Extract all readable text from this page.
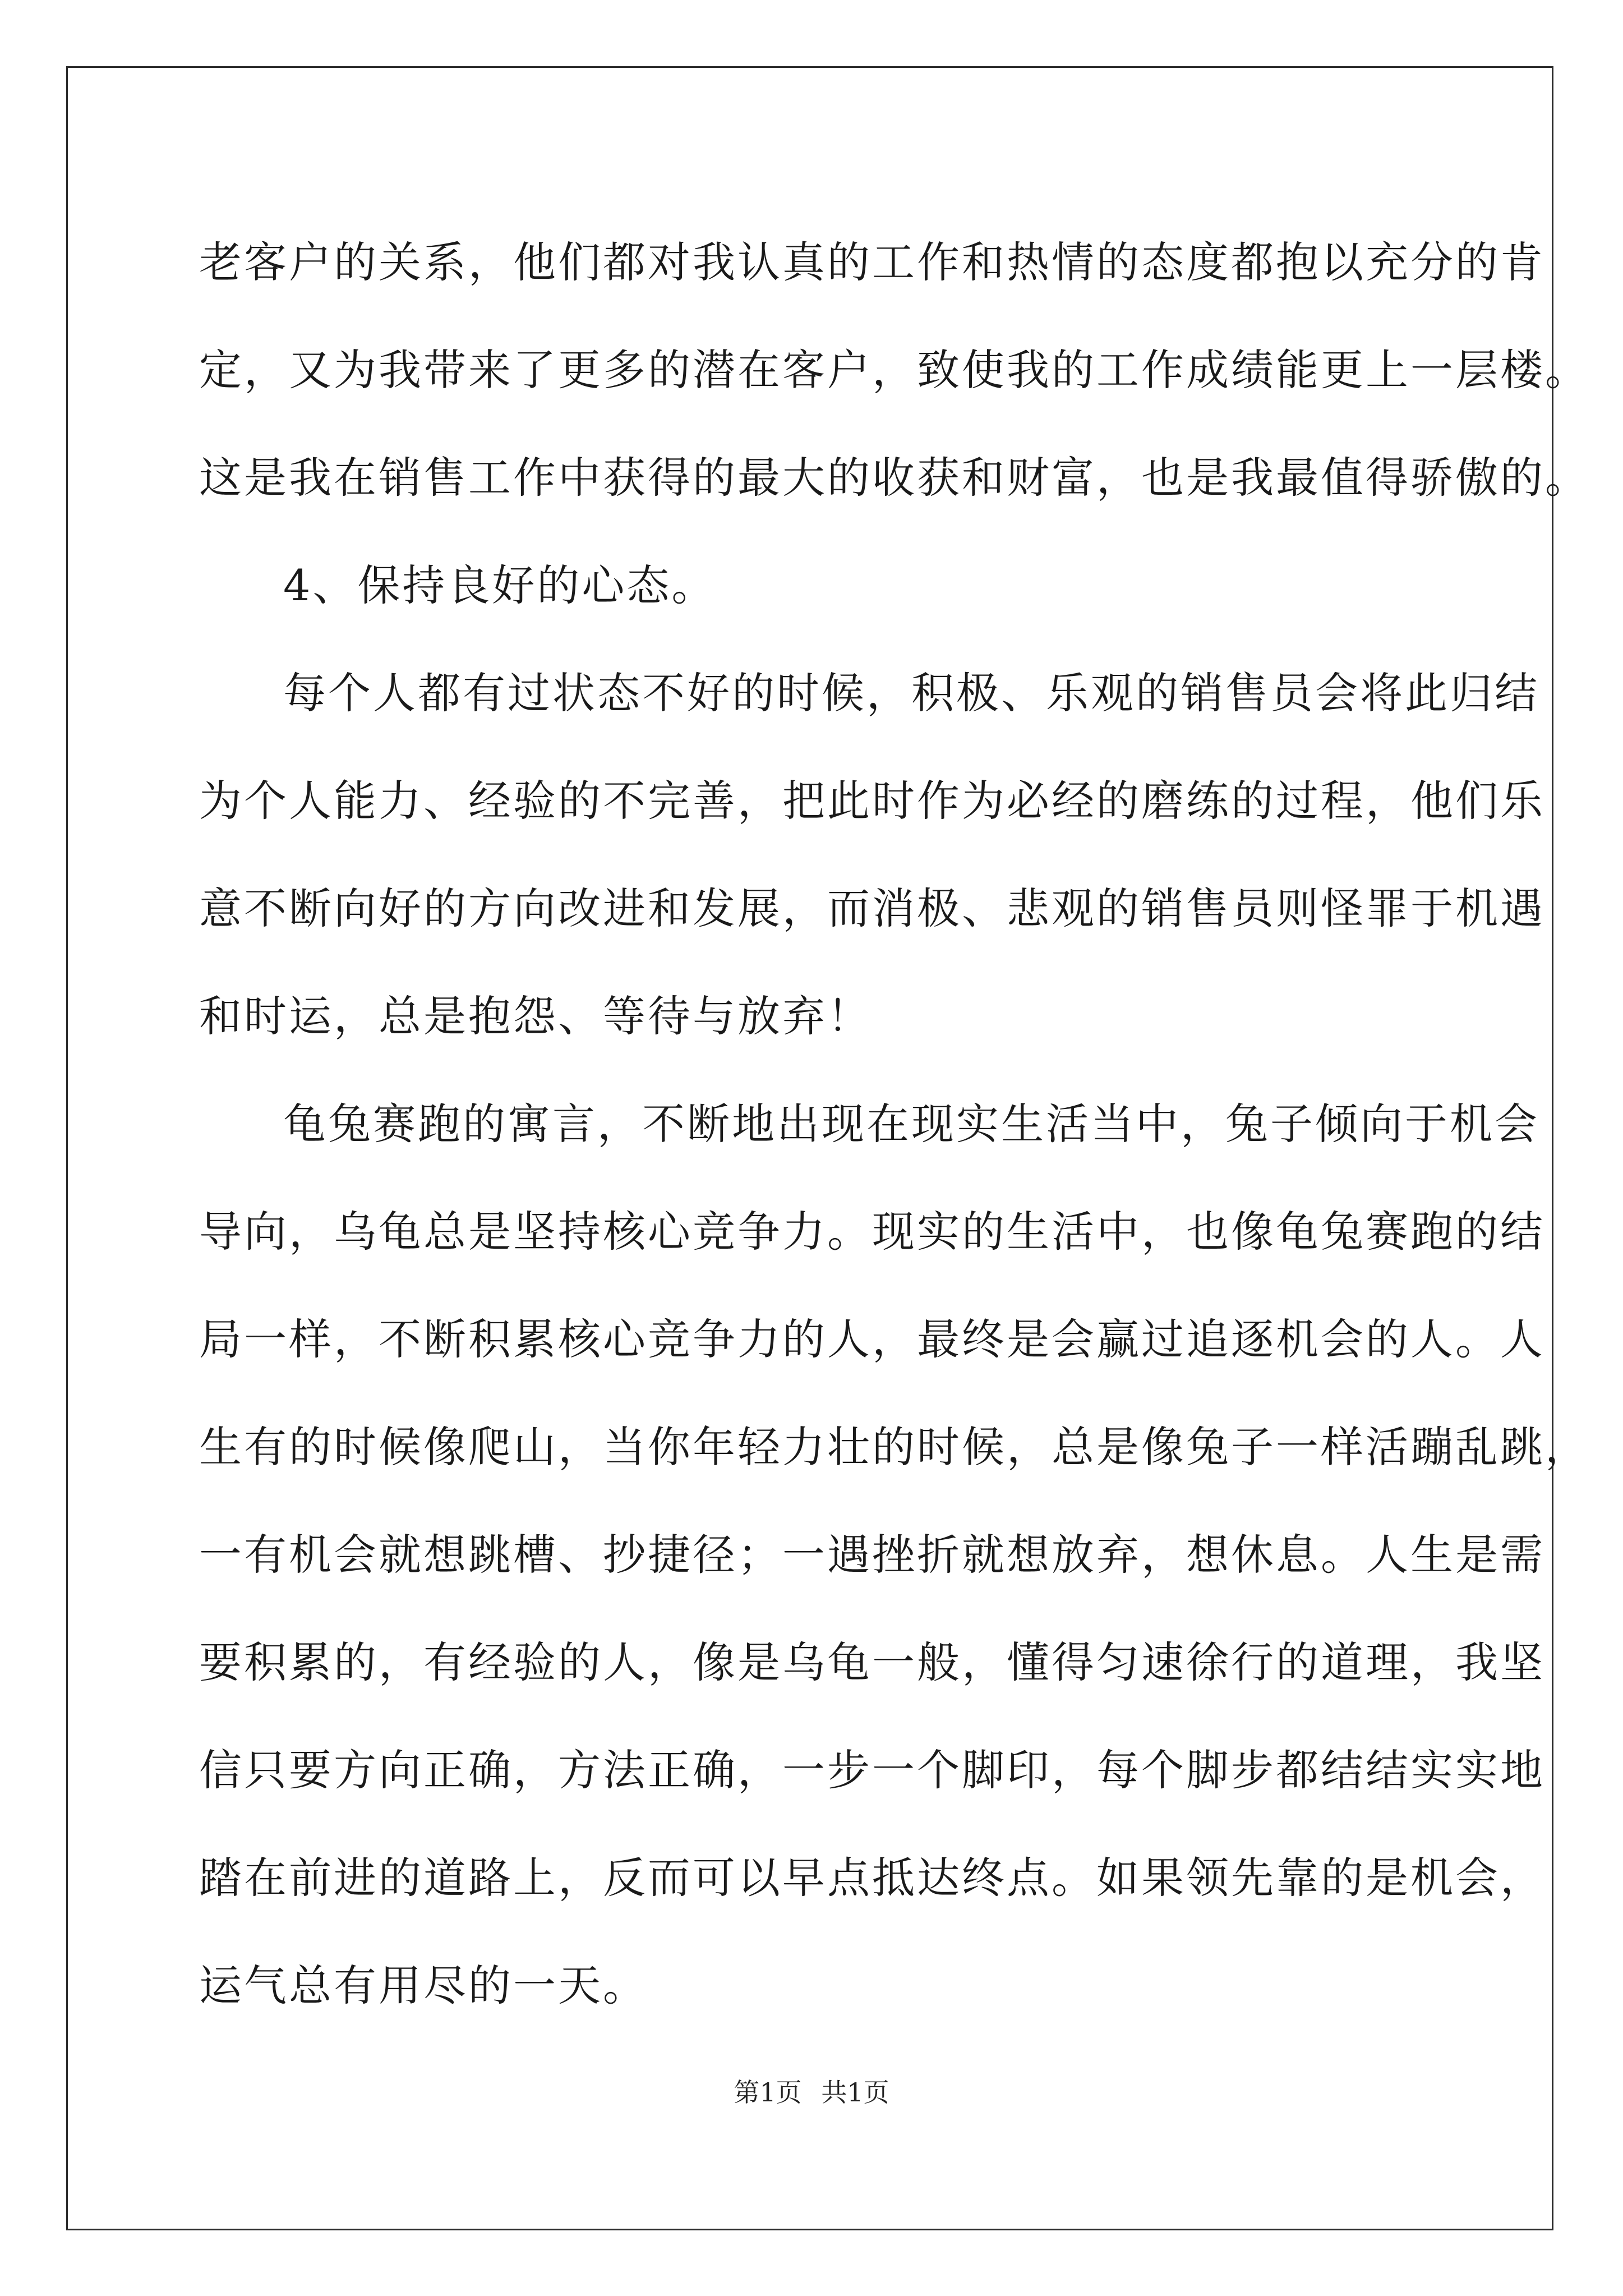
老客户的关系，他们都对我认真的工作和热情的态度都抱以充分的肯
定，又为我带来了更多的潜在客户，致使我的工作成绩能更上一层楼。
这是我在销售工作中获得的最大的收获和财富，也是我最值得骄傲的。
4、保持良好的心态。
每个人都有过状态不好的时候，积极、乐观的销售员会将此归结
为个人能力、经验的不完善，把此时作为必经的磨练的过程，他们乐
意不断向好的方向改进和发展，而消极、悲观的销售员则怪罪于机遇
和时运，总是抱怨、等待与放弃！
龟兔赛跑的寓言，不断地出现在现实生活当中，兔子倾向于机会
导向，乌龟总是坚持核心竞争力。现实的生活中，也像龟兔赛跑的结
局一样，不断积累核心竞争力的人，最终是会赢过追逐机会的人。人
生有的时候像爬山，当你年轻力壮的时候，总是像兔子一样活蹦乱跳，
一有机会就想跳槽、抄捷径；一遇挫折就想放弃，想休息。人生是需
要积累的，有经验的人，像是乌龟一般，懂得匀速徐行的道理，我坚
信只要方向正确，方法正确，一步一个脚印，每个脚步都结结实实地
踏在前进的道路上，反而可以早点抵达终点。如果领先靠的是机会，
运气总有用尽的一天。
第1页 共1页
